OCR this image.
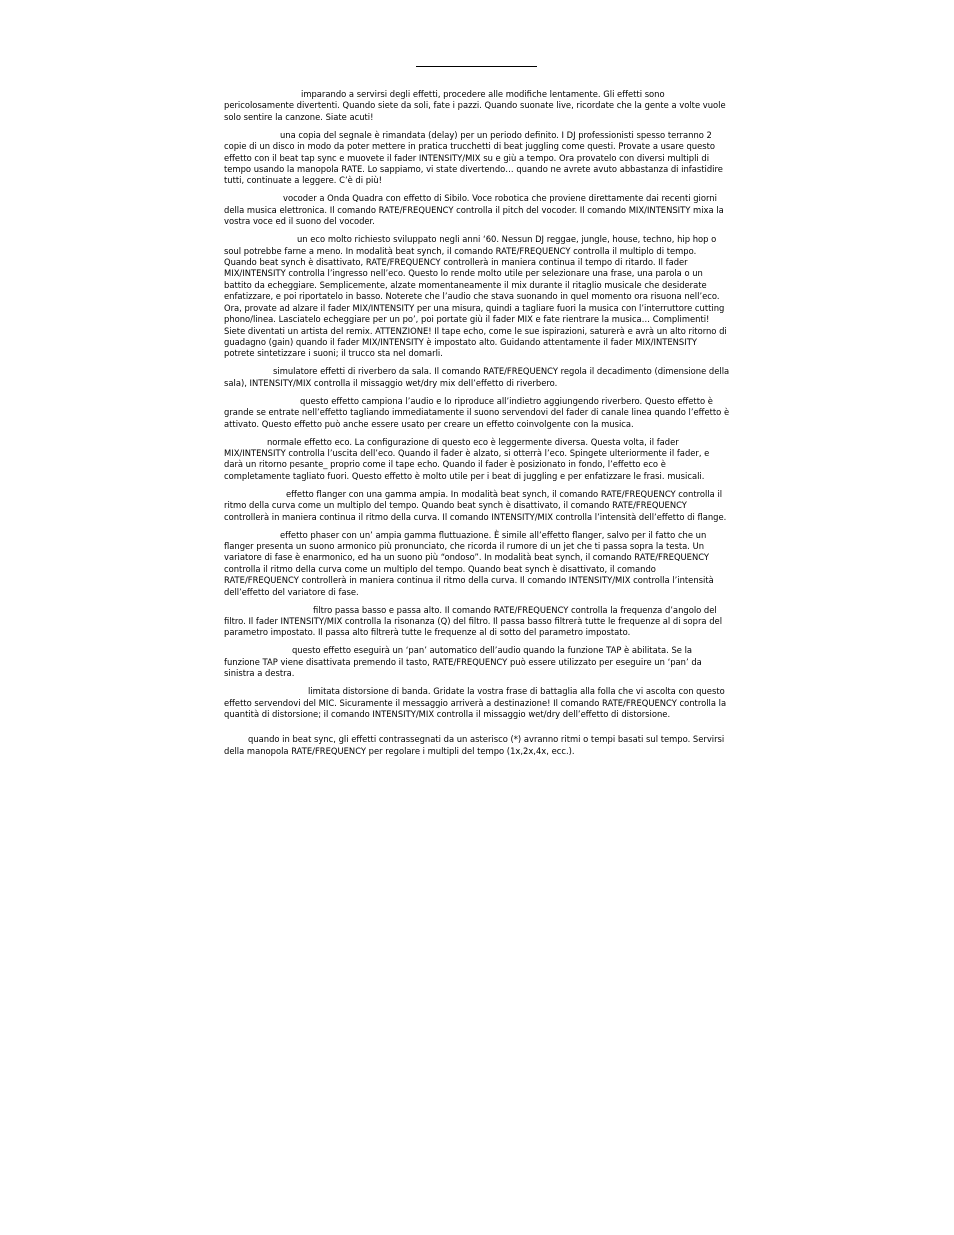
imparando a servirsi degli effetti, procedere alle modifiche lentamente. Gli effetti sono pericolosamente divertenti. Quando siete da soli, fate i pazzi. Quando suonate live, ricordate che la gente a volte vuole solo sentire la canzone. Siate acuti!

una copia del segnale è rimandata (delay) per un periodo definito. I DJ professionisti spesso terranno 2 copie di un disco in modo da poter mettere in pratica trucchetti di beat juggling come questi. Provate a usare questo effetto con il beat tap sync e muovete il fader INTENSITY/MIX su e giù a tempo. Ora provatelo con diversi multipli di tempo usando la manopola RATE. Lo sappiamo, vi state divertendo… quando ne avrete avuto abbastanza di infastidire tutti, continuate a leggere. C’è di più!

vocoder a Onda Quadra con effetto di Sibilo. Voce robotica che proviene direttamente dai recenti giorni della musica elettronica. Il comando RATE/FREQUENCY controlla il pitch del vocoder. Il comando MIX/INTENSITY mixa la vostra voce ed il suono del vocoder.

un eco molto richiesto sviluppato negli anni ‘60. Nessun DJ reggae, jungle, house, techno, hip hop o soul potrebbe farne a meno. In modalità beat synch, il comando RATE/FREQUENCY controlla il multiplo di tempo. Quando beat synch è disattivato, RATE/FREQUENCY controllerà in maniera continua il tempo di ritardo. Il fader MIX/INTENSITY controlla l’ingresso nell’eco. Questo lo rende molto utile per selezionare una frase, una parola o un battito da echeggiare. Semplicemente, alzate momentaneamente il mix durante il ritaglio musicale che desiderate enfatizzare, e poi riportatelo in basso. Noterete che l’audio che stava suonando in quel momento ora risuona nell’eco. Ora, provate ad alzare il fader MIX/INTENSITY per una misura, quindi a tagliare fuori la musica con l’interruttore cutting phono/linea. Lasciatelo echeggiare per un po’, poi portate giù il fader MIX e fate rientrare la musica… Complimenti! Siete diventati un artista del remix. ATTENZIONE! Il tape echo, come le sue ispirazioni, saturerà e avrà un alto ritorno di guadagno (gain) quando il fader MIX/INTENSITY è impostato alto. Guidando attentamente il fader MIX/INTENSITY potrete sintetizzare i suoni; il trucco sta nel domarli.

simulatore effetti di riverbero da sala. Il comando RATE/FREQUENCY regola il decadimento (dimensione della sala), INTENSITY/MIX controlla il missaggio wet/dry mix dell’effetto di riverbero.

questo effetto campiona l’audio e lo riproduce all’indietro aggiungendo riverbero. Questo effetto è grande se entrate nell’effetto tagliando immediatamente il suono servendovi del fader di canale linea quando l’effetto è attivato. Questo effetto può anche essere usato per creare un effetto coinvolgente con la musica.

normale effetto eco. La configurazione di questo eco è leggermente diversa. Questa volta, il fader MIX/INTENSITY controlla l’uscita dell’eco. Quando il fader è alzato, si otterrà l’eco. Spingete ulteriormente il fader, e darà un ritorno pesante_ proprio come il tape echo. Quando il fader è posizionato in fondo, l’effetto eco è completamente tagliato fuori. Questo effetto è molto utile per i beat di juggling e per enfatizzare le frasi. musicali.

effetto flanger con una gamma ampia. In modalità beat synch, il comando RATE/FREQUENCY controlla il ritmo della curva come un multiplo del tempo. Quando beat synch è disattivato, il comando RATE/FREQUENCY controllerà in maniera continua il ritmo della curva. Il comando INTENSITY/MIX controlla l’intensità dell’effetto di flange.

effetto phaser con un’ ampia gamma fluttuazione. È simile all’effetto flanger, salvo per il fatto che un flanger presenta un suono armonico più pronunciato, che ricorda il rumore di un jet che ti passa sopra la testa. Un variatore di fase è enarmonico, ed ha un suono più “ondoso”. In modalità beat synch, il comando RATE/FREQUENCY controlla il ritmo della curva come un multiplo del tempo. Quando beat synch è disattivato, il comando RATE/FREQUENCY controllerà in maniera continua il ritmo della curva. Il comando INTENSITY/MIX controlla l’intensità dell’effetto del variatore di fase.

filtro passa basso e passa alto. Il comando RATE/FREQUENCY controlla la frequenza d’angolo del filtro. Il fader INTENSITY/MIX controlla la risonanza (Q) del filtro. Il passa basso filtrerà tutte le frequenze al di sopra del parametro impostato. Il passa alto filtrerà tutte le frequenze al di sotto del parametro impostato.

questo effetto eseguirà un ‘pan’ automatico dell’audio quando la funzione TAP è abilitata. Se la funzione TAP viene disattivata premendo il tasto, RATE/FREQUENCY può essere utilizzato per eseguire un ‘pan’ da sinistra a destra.

limitata distorsione di banda. Gridate la vostra frase di battaglia alla folla che vi ascolta con questo effetto servendovi del MIC. Sicuramente il messaggio arriverà a destinazione! Il comando RATE/FREQUENCY controlla la quantità di distorsione; il comando INTENSITY/MIX controlla il missaggio wet/dry dell’effetto di distorsione.

quando in beat sync, gli effetti contrassegnati da un asterisco (*) avranno ritmi o tempi basati sul tempo. Servirsi della manopola RATE/FREQUENCY per regolare i multipli del tempo (1x,2x,4x, ecc.).
